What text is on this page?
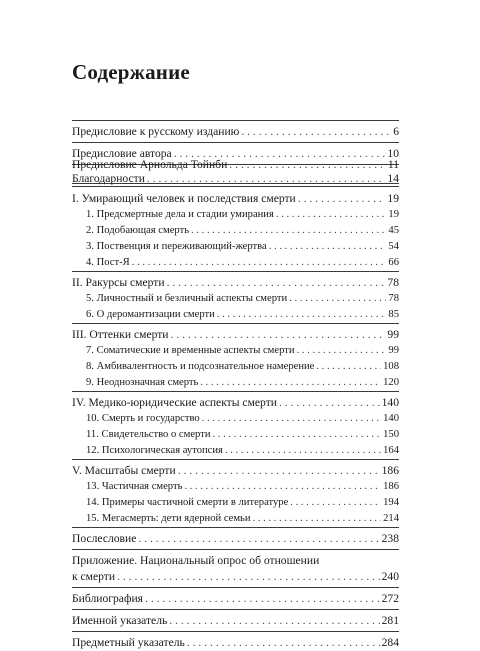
Содержание
Предисловие к русскому изданию . . .	6
Предисловие автора . . .	10
Предисловие Арнольда Тойнби . . .	11
Благодарности . . .	14
I. Умирающий человек и последствия смерти . . .	19
1. Предсмертные дела и стадии умирания . . .	19
2. Подобающая смерть . . .	45
3. Поственция и переживающий-жертва . . .	54
4. Пост-Я . . .	66
II. Ракурсы смерти . . .	78
5. Личностный и безличный аспекты смерти . . .	78
6. О деромантизации смерти . . .	85
III. Оттенки смерти . . .	99
7. Соматические и временные аспекты смерти . . .	99
8. Амбивалентность и подсознательное намерение . . .	108
9. Неоднозначная смерть . . .	120
IV. Медико-юридические аспекты смерти . . .	140
10. Смерть и государство . . .	140
11. Свидетельство о смерти . . .	150
12. Психологическая аутопсия . . .	164
V. Масштабы смерти . . .	186
13. Частичная смерть . . .	186
14. Примеры частичной смерти в литературе . . .	194
15. Мегасмерть: дети ядерной семьи . . .	214
Послесловие . . .	238
Приложение. Национальный опрос об отношении
к смерти . . .	240
Библиография . . .	272
Именной указатель . . .	281
Предметный указатель . . .	284
